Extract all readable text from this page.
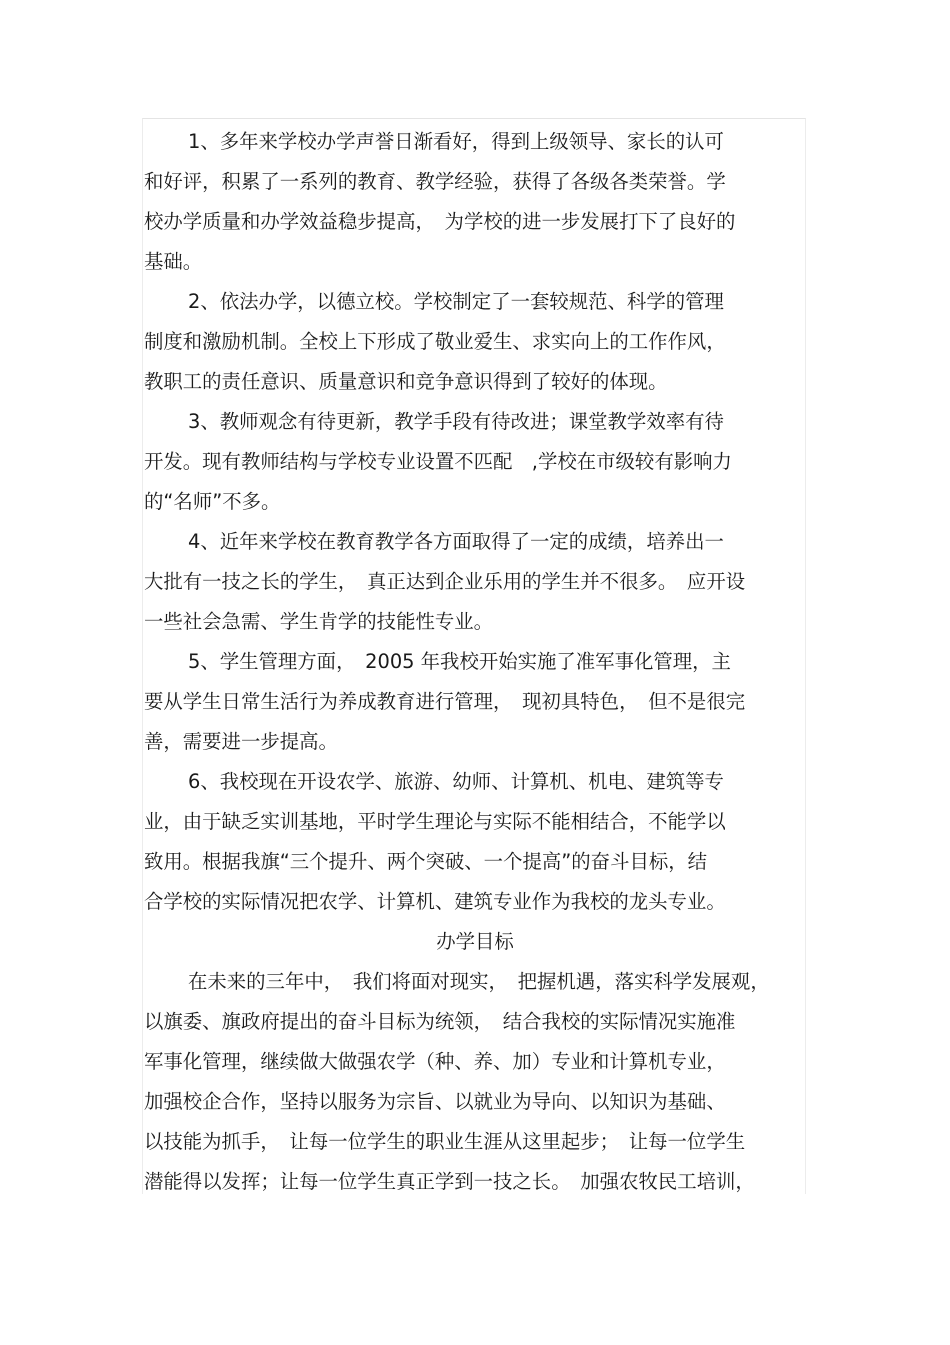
1、多年来学校办学声誉日渐看好，得到上级领导、家长的认可
和好评，积累了一系列的教育、教学经验，获得了各级各类荣誉。学
校办学质量和办学效益稳步提高，　为学校的进一步发展打下了良好的
基础。
2、依法办学，以德立校。学校制定了一套较规范、科学的管理
制度和激励机制。全校上下形成了敬业爱生、求实向上的工作作风，
教职工的责任意识、质量意识和竞争意识得到了较好的体现。
3、教师观念有待更新，教学手段有待改进；课堂教学效率有待
开发。现有教师结构与学校专业设置不匹配　,学校在市级较有影响力
的“名师”不多。
4、近年来学校在教育教学各方面取得了一定的成绩，培养出一
大批有一技之长的学生，　真正达到企业乐用的学生并不很多。　应开设
一些社会急需、学生肯学的技能性专业。
5、学生管理方面，　2005 年我校开始实施了准军事化管理，主
要从学生日常生活行为养成教育进行管理，　现初具特色，　但不是很完
善，需要进一步提高。
6、我校现在开设农学、旅游、幼师、计算机、机电、建筑等专
业，由于缺乏实训基地，平时学生理论与实际不能相结合，不能学以
致用。根据我旗“三个提升、两个突破、一个提高”的奋斗目标，结
合学校的实际情况把农学、计算机、建筑专业作为我校的龙头专业。
办学目标
在未来的三年中，　我们将面对现实，　把握机遇，落实科学发展观，
以旗委、旗政府提出的奋斗目标为统领，　结合我校的实际情况实施准
军事化管理，继续做大做强农学（种、养、加）专业和计算机专业，
加强校企合作，坚持以服务为宗旨、以就业为导向、以知识为基础、
以技能为抓手，　让每一位学生的职业生涯从这里起步；　让每一位学生
潜能得以发挥；让每一位学生真正学到一技之长。　加强农牧民工培训，
